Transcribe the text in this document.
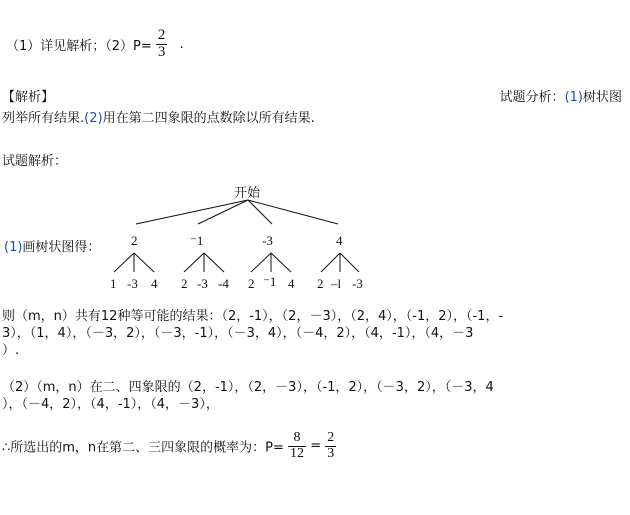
（1）详见解析；$(2)P= \frac{2}{3}$ .
【解析】	试题分析：(1)树状图
列举所有结果.(2)用在第二四象限的点数除以所有结果.
试题解析：
开始
(1)画树状图得： 2	⁻1	-3	4
1 -3 4 2 -3 -4 2 ⁻1 4 2 –l -3
则（m，n）共有12种等可能的结果：（2，-1），（2，－3），（2，4），（-1，2），（-1，-
3），（1，4），（－3，2），（－3，-1），（－3，4），（－4，2），（4，-1），（4，－3
）.
（2）（m，n）在二、四象限的（2，-1），（2，－3），（-1，2），（－3，2），（－3，4
），（－4，2），（4，-1），（4，－3），
∴所选出的m，n在第二、三四象限的概率为：$P= \frac{8}{12} = \frac{2}{3}$
